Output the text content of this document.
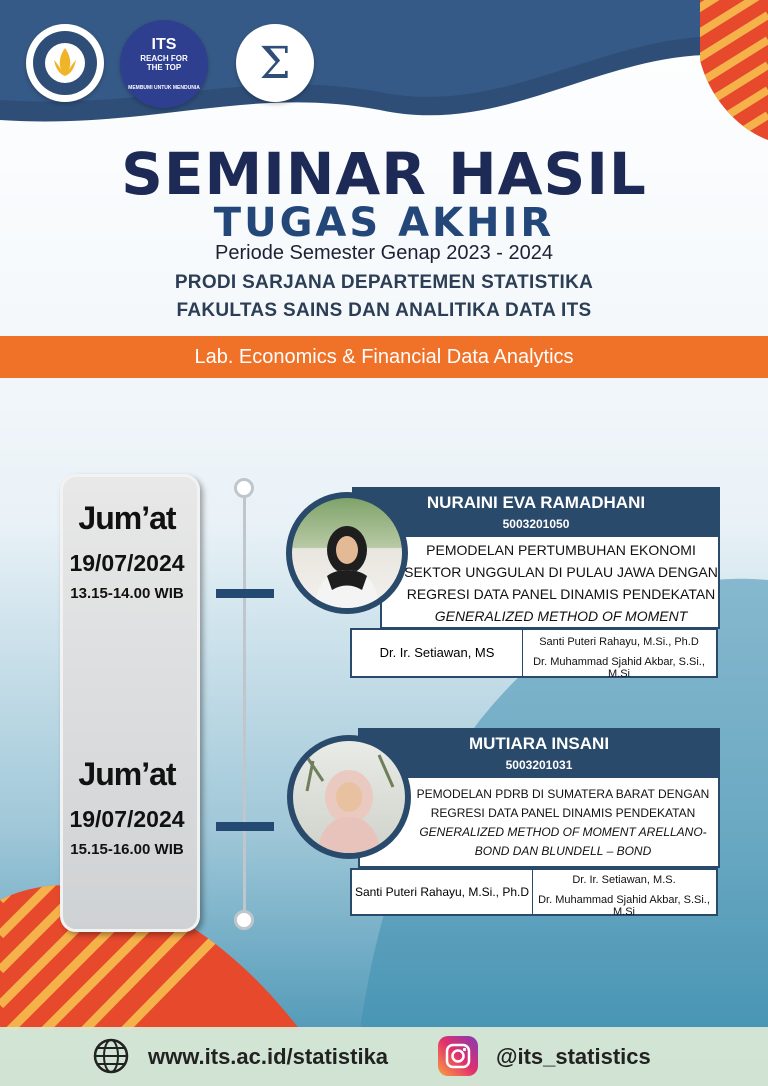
ITS
REACH FOR THE TOP
MEMBUMI UNTUK MENDUNIA Σ
SEMINAR HASIL
TUGAS AKHIR
Periode Semester Genap 2023 - 2024
PRODI SARJANA DEPARTEMEN STATISTIKA
FAKULTAS SAINS DAN ANALITIKA DATA ITS
Lab. Economics & Financial Data Analytics
Jum’at
19/07/2024
13.15-14.00 WIB
Jum’at
19/07/2024
15.15-16.00 WIB
NURAINI EVA RAMADHANI
5003201050
PEMODELAN PERTUMBUHAN EKONOMI
SEKTOR UNGGULAN DI PULAU JAWA DENGAN
REGRESI DATA PANEL DINAMIS PENDEKATAN
GENERALIZED METHOD OF MOMENT
Dr. Ir. Setiawan, MS
Santi Puteri Rahayu, M.Si., Ph.D
Dr. Muhammad Sjahid Akbar, S.Si., M.Si
MUTIARA INSANI
5003201031
PEMODELAN PDRB DI SUMATERA BARAT DENGAN
REGRESI DATA PANEL DINAMIS PENDEKATAN
GENERALIZED METHOD OF MOMENT ARELLANO-
BOND DAN BLUNDELL – BOND
Santi Puteri Rahayu, M.Si., Ph.D
Dr. Ir. Setiawan, M.S.
Dr. Muhammad Sjahid Akbar, S.Si., M.Si
www.its.ac.id/statistika	@its_statistics
